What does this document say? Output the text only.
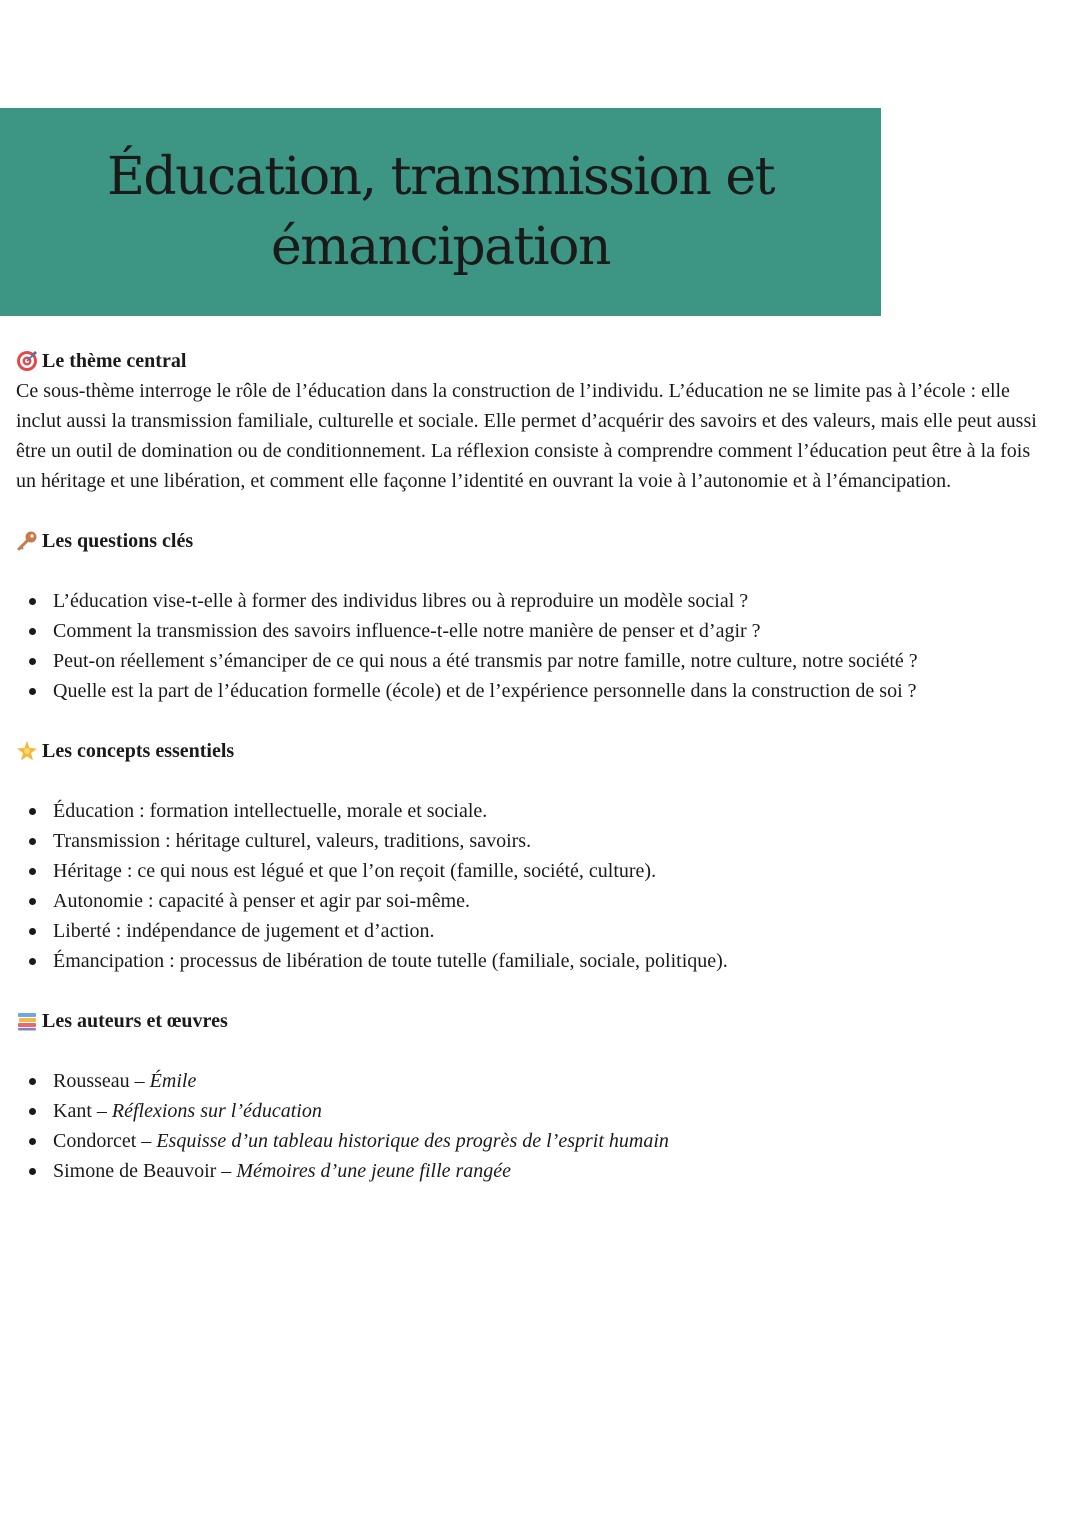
Éducation, transmission et
émancipation
Le thème central

Ce sous-thème interroge le rôle de l’éducation dans la construction de l’individu. L’éducation ne se limite pas à l’école : elle inclut aussi la transmission familiale, culturelle et sociale. Elle permet d’acquérir des savoirs et des valeurs, mais elle peut aussi être un outil de domination ou de conditionnement. La réflexion consiste à comprendre comment l’éducation peut être à la fois un héritage et une libération, et comment elle façonne l’identité en ouvrant la voie à l’autonomie et à l’émancipation.

Les questions clés
L’éducation vise-t-elle à former des individus libres ou à reproduire un modèle social ?
Comment la transmission des savoirs influence-t-elle notre manière de penser et d’agir ?
Peut-on réellement s’émanciper de ce qui nous a été transmis par notre famille, notre culture, notre société ?
Quelle est la part de l’éducation formelle (école) et de l’expérience personnelle dans la construction de soi ?
Les concepts essentiels
Éducation : formation intellectuelle, morale et sociale.
Transmission : héritage culturel, valeurs, traditions, savoirs.
Héritage : ce qui nous est légué et que l’on reçoit (famille, société, culture).
Autonomie : capacité à penser et agir par soi-même.
Liberté : indépendance de jugement et d’action.
Émancipation : processus de libération de toute tutelle (familiale, sociale, politique).
Les auteurs et œuvres
Rousseau – Émile
Kant – Réflexions sur l’éducation
Condorcet – Esquisse d’un tableau historique des progrès de l’esprit humain
Simone de Beauvoir – Mémoires d’une jeune fille rangée
